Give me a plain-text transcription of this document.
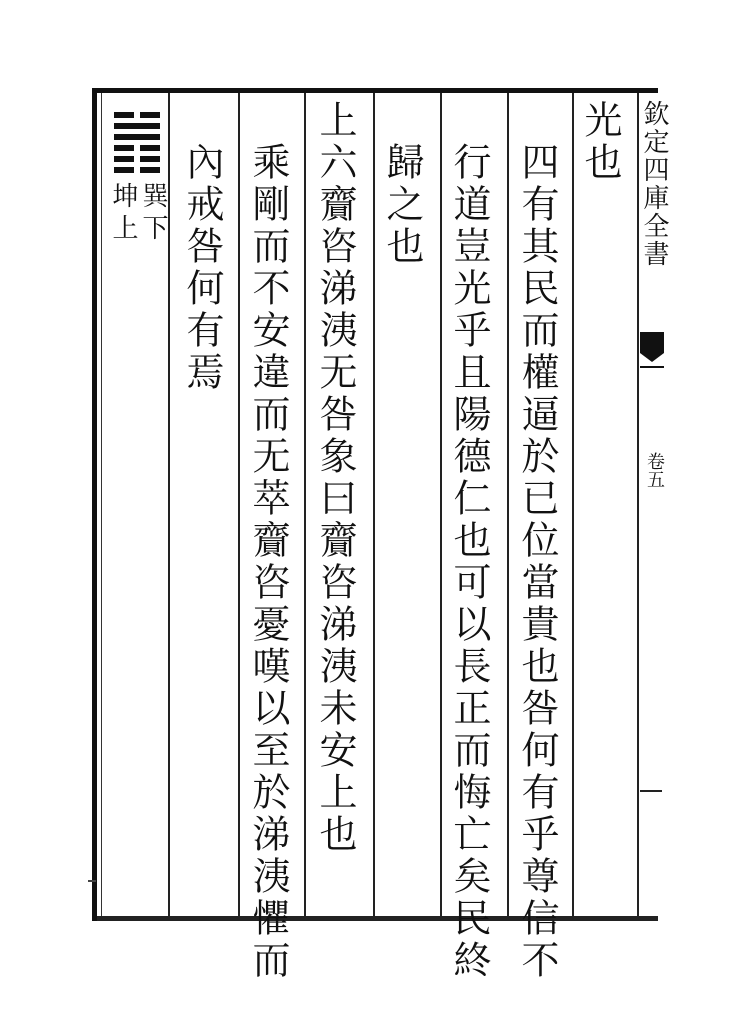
欽定四庫全書
卷五
光也
四有其民而權逼於已位當貴也咎何有乎尊信不
行道豈光乎且陽德仁也可以長正而悔亡矣民終
歸之也
上六齎咨涕洟无咎象曰齎咨涕洟未安上也
乘剛而不安違而无萃齎咨憂嘆以至於涕洟懼而
內戒咎何有焉
巽下
坤上
